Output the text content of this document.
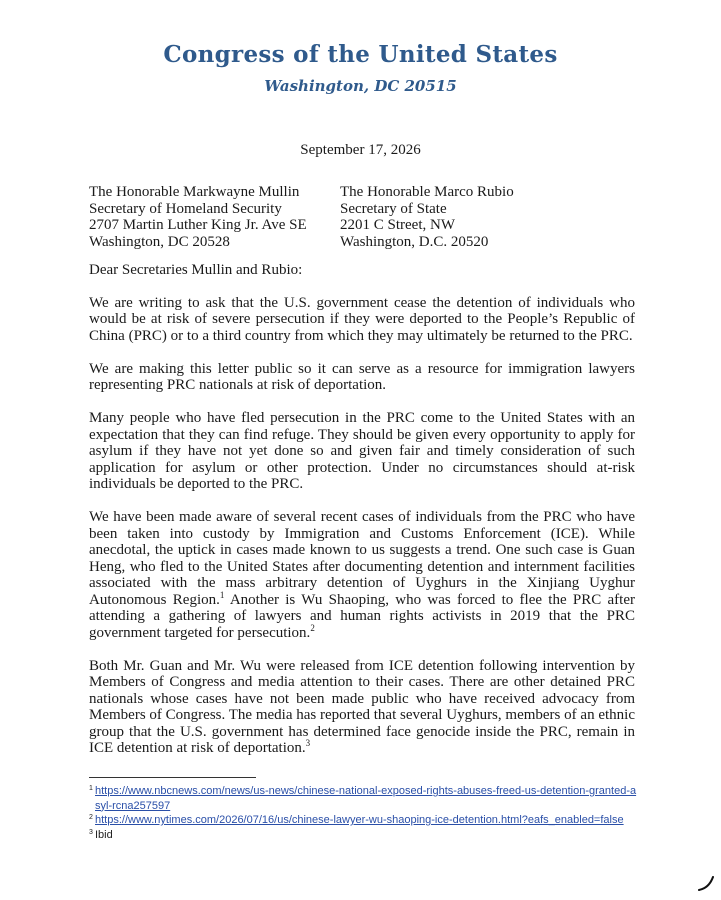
Congress of the United States
Washington, DC 20515
September 17, 2026
The Honorable Markwayne Mullin
Secretary of Homeland Security
2707 Martin Luther King Jr. Ave SE
Washington, DC 20528
The Honorable Marco Rubio
Secretary of State
2201 C Street, NW
Washington, D.C. 20520

Dear Secretaries Mullin and Rubio:

We are writing to ask that the U.S. government cease the detention of individuals who would be at risk of severe persecution if they were deported to the People’s Republic of China (PRC) or to a third country from which they may ultimately be returned to the PRC.

We are making this letter public so it can serve as a resource for immigration lawyers representing PRC nationals at risk of deportation.

Many people who have fled persecution in the PRC come to the United States with an expectation that they can find refuge. They should be given every opportunity to apply for asylum if they have not yet done so and given fair and timely consideration of such application for asylum or other protection. Under no circumstances should at-risk individuals be deported to the PRC.

We have been made aware of several recent cases of individuals from the PRC who have been taken into custody by Immigration and Customs Enforcement (ICE). While anecdotal, the uptick in cases made known to us suggests a trend. One such case is Guan Heng, who fled to the United States after documenting detention and internment facilities associated with the mass arbitrary detention of Uyghurs in the Xinjiang Uyghur Autonomous Region.$^1$ Another is Wu Shaoping, who was forced to flee the PRC after attending a gathering of lawyers and human rights activists in 2019 that the PRC government targeted for persecution.$^2$

Both Mr. Guan and Mr. Wu were released from ICE detention following intervention by Members of Congress and media attention to their cases. There are other detained PRC nationals whose cases have not been made public who have received advocacy from Members of Congress. The media has reported that several Uyghurs, members of an ethnic group that the U.S. government has determined face genocide inside the PRC, remain in ICE detention at risk of deportation.$^3$

1 https://www.nbcnews.com/news/us-news/chinese-national-exposed-rights-abuses-freed-us-detention-granted-asyl-rcna257597
2 https://www.nytimes.com/2026/07/16/us/chinese-lawyer-wu-shaoping-ice-detention.html?eafs_enabled=false
3 Ibid
